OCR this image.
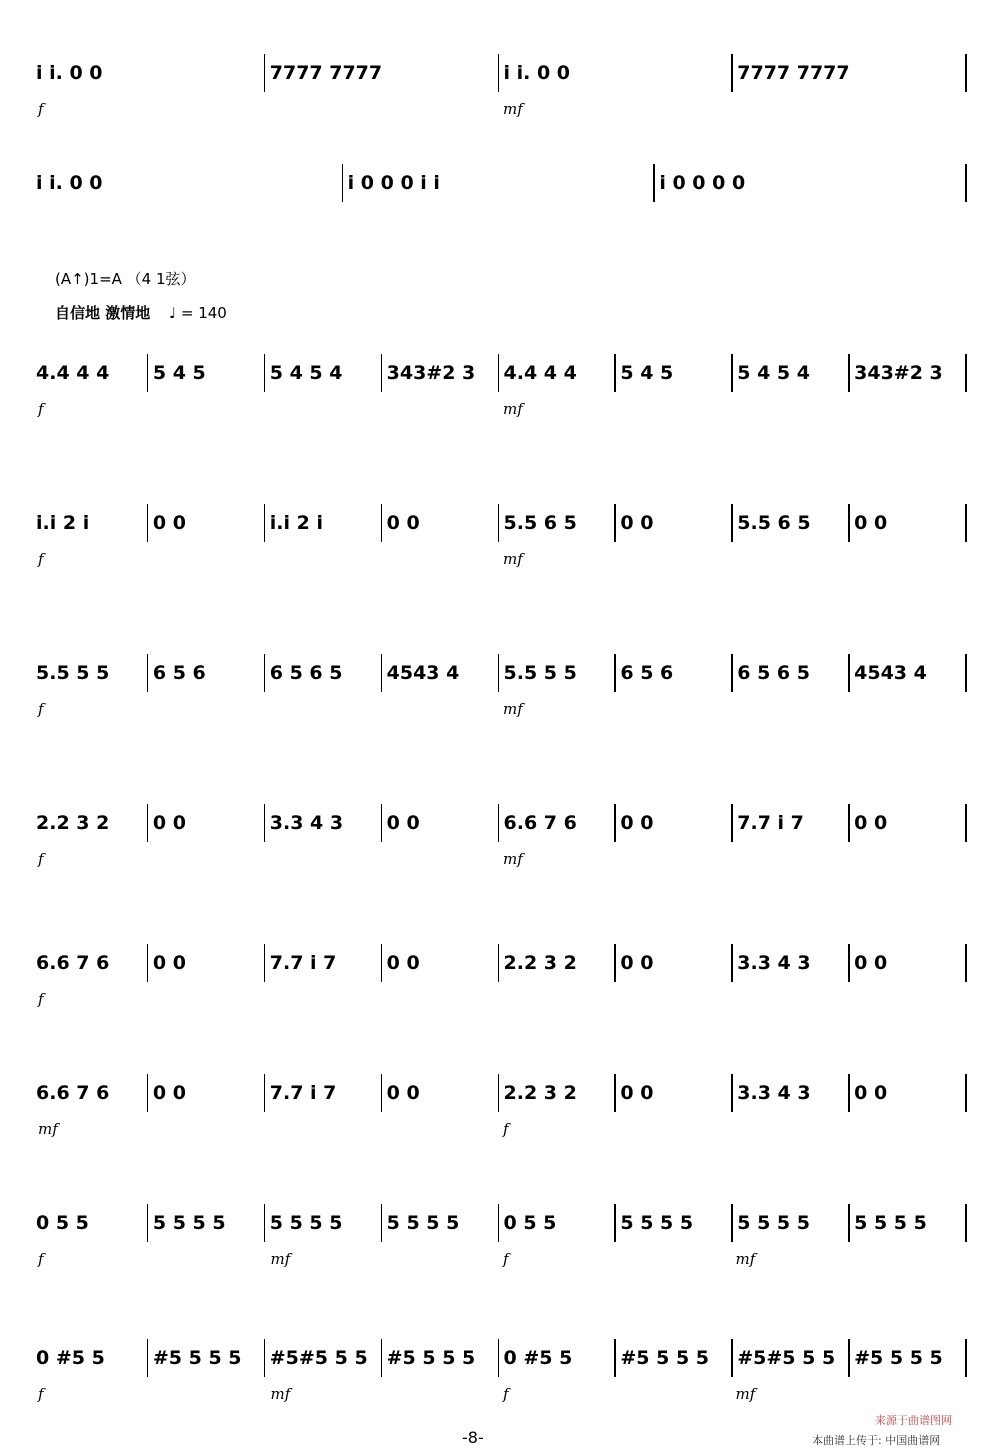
i i. 0 0	7777 7777	i i. 0 0	7777 7777
f	mf
i i. 0 0	i 0 0 0 i i	i 0 0 0 0
4.4 4 4 5 4 5	5 4 5 4 343#2 3 4.4 4 4 5 4 5	5 4 5 4 343#2 3
f	mf
i.i 2 i	0 0	i.i 2 i	0 0	5.5 6 5 0 0	5.5 6 5 0 0
f	mf
5.5 5 5 6 5 6	6 5 6 5 4543 4 5.5 5 5 6 5 6	6 5 6 5 4543 4
f	mf
2.2 3 2 0 0	3.3 4 3 0 0	6.6 7 6 0 0	7.7 i 7	0 0
f	mf
6.6 7 6 0 0	7.7 i 7	0 0	2.2 3 2 0 0	3.3 4 3 0 0
f
6.6 7 6 0 0	7.7 i 7	0 0	2.2 3 2 0 0	3.3 4 3 0 0
mf	f
0 5 5	5 5 5 5 5 5 5 5 5 5 5 5 0 5 5	5 5 5 5 5 5 5 5 5 5 5 5
f	mf	f	mf
0 #5 5	#5 5 5 5 #5#5 5 5 #5 5 5 5 0 #5 5	#5 5 5 5 #5#5 5 5 #5 5 5 5
f	mf	f	mf
(A↑)1=A （4 1弦）
自信地 激情地 ♩ = 140
-8-	本曲谱上传于: 中国曲谱网
来源于曲谱图网
